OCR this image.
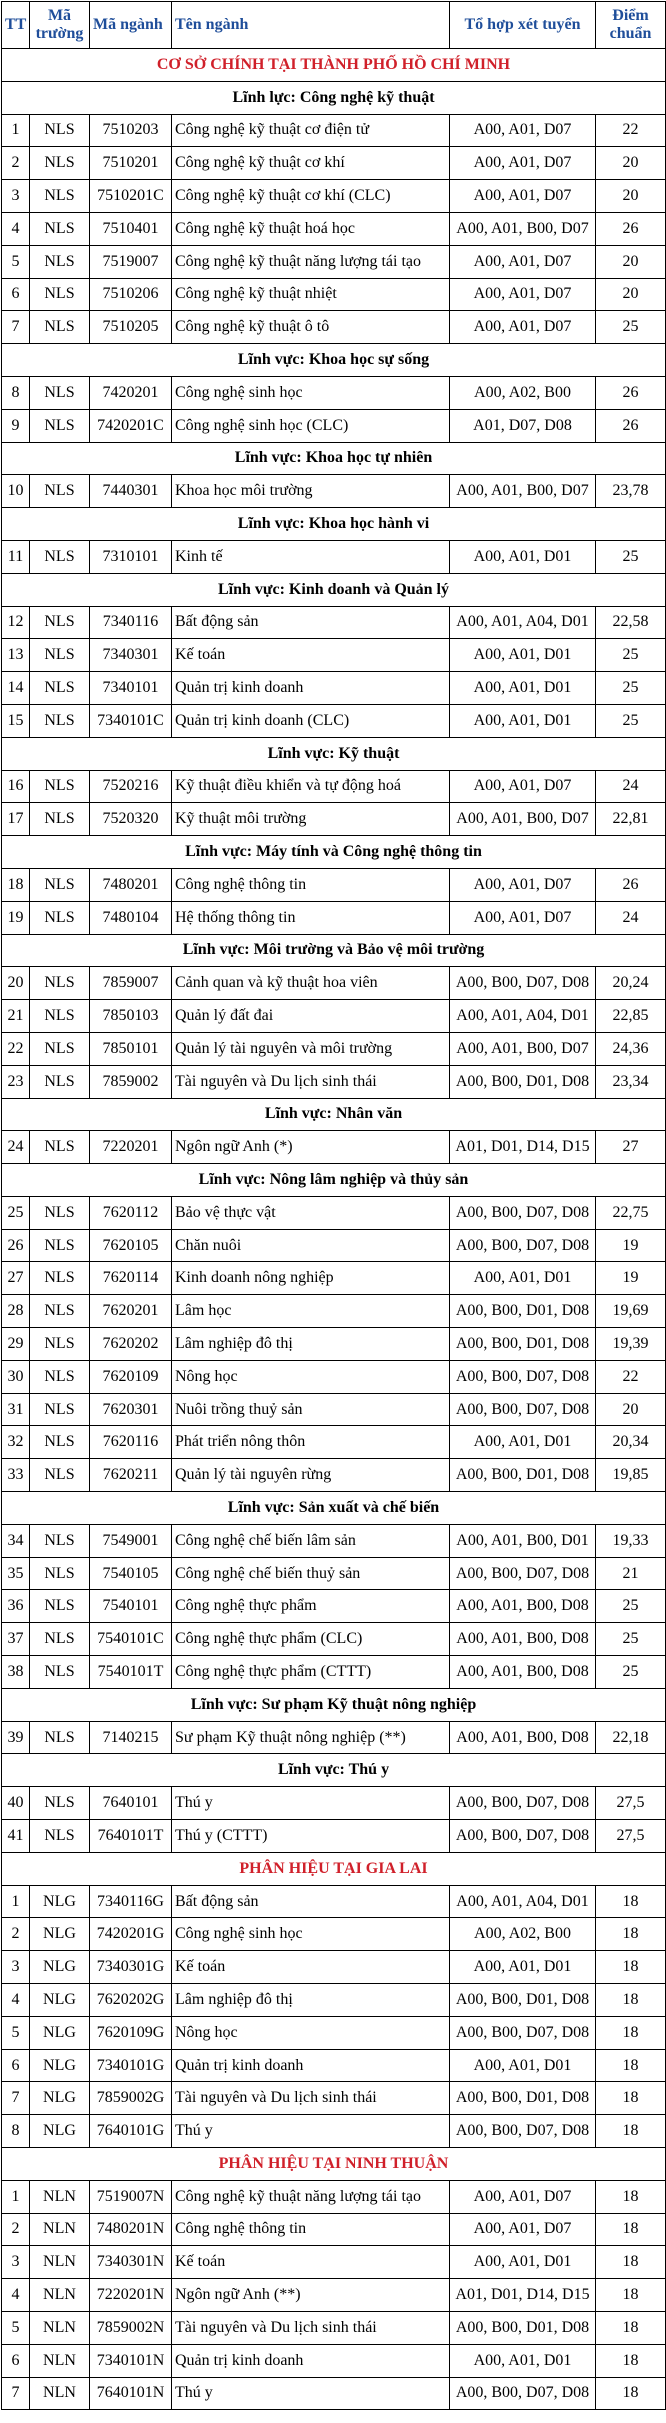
TT	Mã trường	Mã ngành	Tên ngành	Tổ hợp xét tuyển	Điểm chuẩn
CƠ SỞ CHÍNH TẠI THÀNH PHỐ HỒ CHÍ MINH					
Lĩnh lực: Công nghệ kỹ thuật					
1	NLS	7510203	Công nghệ kỹ thuật cơ điện tử	A00, A01, D07	22
2	NLS	7510201	Công nghệ kỹ thuật cơ khí	A00, A01, D07	20
3	NLS	7510201C	Công nghệ kỹ thuật cơ khí (CLC)	A00, A01, D07	20
4	NLS	7510401	Công nghệ kỹ thuật hoá học	A00, A01, B00, D07	26
5	NLS	7519007	Công nghệ kỹ thuật năng lượng tái tạo	A00, A01, D07	20
6	NLS	7510206	Công nghệ kỹ thuật nhiệt	A00, A01, D07	20
7	NLS	7510205	Công nghệ kỹ thuật ô tô	A00, A01, D07	25
Lĩnh vực: Khoa học sự sống					
8	NLS	7420201	Công nghệ sinh học	A00, A02, B00	26
9	NLS	7420201C	Công nghệ sinh học (CLC)	A01, D07, D08	26
Lĩnh vực: Khoa học tự nhiên					
10	NLS	7440301	Khoa học môi trường	A00, A01, B00, D07	23,78
Lĩnh vực: Khoa học hành vi					
11	NLS	7310101	Kinh tế	A00, A01, D01	25
Lĩnh vực: Kinh doanh và Quản lý					
12	NLS	7340116	Bất động sản	A00, A01, A04, D01	22,58
13	NLS	7340301	Kế toán	A00, A01, D01	25
14	NLS	7340101	Quản trị kinh doanh	A00, A01, D01	25
15	NLS	7340101C	Quản trị kinh doanh (CLC)	A00, A01, D01	25
Lĩnh vực: Kỹ thuật					
16	NLS	7520216	Kỹ thuật điều khiển và tự động hoá	A00, A01, D07	24
17	NLS	7520320	Kỹ thuật môi trường	A00, A01, B00, D07	22,81
Lĩnh vực: Máy tính và Công nghệ thông tin					
18	NLS	7480201	Công nghệ thông tin	A00, A01, D07	26
19	NLS	7480104	Hệ thống thông tin	A00, A01, D07	24
Lĩnh vực: Môi trường và Bảo vệ môi trường					
20	NLS	7859007	Cảnh quan và kỹ thuật hoa viên	A00, B00, D07, D08	20,24
21	NLS	7850103	Quản lý đất đai	A00, A01, A04, D01	22,85
22	NLS	7850101	Quản lý tài nguyên và môi trường	A00, A01, B00, D07	24,36
23	NLS	7859002	Tài nguyên và Du lịch sinh thái	A00, B00, D01, D08	23,34
Lĩnh vực: Nhân văn					
24	NLS	7220201	Ngôn ngữ Anh (*)	A01, D01, D14, D15	27
Lĩnh vực: Nông lâm nghiệp và thủy sản					
25	NLS	7620112	Bảo vệ thực vật	A00, B00, D07, D08	22,75
26	NLS	7620105	Chăn nuôi	A00, B00, D07, D08	19
27	NLS	7620114	Kinh doanh nông nghiệp	A00, A01, D01	19
28	NLS	7620201	Lâm học	A00, B00, D01, D08	19,69
29	NLS	7620202	Lâm nghiệp đô thị	A00, B00, D01, D08	19,39
30	NLS	7620109	Nông học	A00, B00, D07, D08	22
31	NLS	7620301	Nuôi trồng thuỷ sản	A00, B00, D07, D08	20
32	NLS	7620116	Phát triển nông thôn	A00, A01, D01	20,34
33	NLS	7620211	Quản lý tài nguyên rừng	A00, B00, D01, D08	19,85
Lĩnh vực: Sản xuất và chế biến					
34	NLS	7549001	Công nghệ chế biến lâm sản	A00, A01, B00, D01	19,33
35	NLS	7540105	Công nghệ chế biến thuỷ sản	A00, B00, D07, D08	21
36	NLS	7540101	Công nghệ thực phẩm	A00, A01, B00, D08	25
37	NLS	7540101C	Công nghệ thực phẩm (CLC)	A00, A01, B00, D08	25
38	NLS	7540101T	Công nghệ thực phẩm (CTTT)	A00, A01, B00, D08	25
Lĩnh vực: Sư phạm Kỹ thuật nông nghiệp					
39	NLS	7140215	Sư phạm Kỹ thuật nông nghiệp (**)	A00, A01, B00, D08	22,18
Lĩnh vực: Thú y					
40	NLS	7640101	Thú y	A00, B00, D07, D08	27,5
41	NLS	7640101T	Thú y (CTTT)	A00, B00, D07, D08	27,5
PHÂN HIỆU TẠI GIA LAI					
1	NLG	7340116G	Bất động sản	A00, A01, A04, D01	18
2	NLG	7420201G	Công nghệ sinh học	A00, A02, B00	18
3	NLG	7340301G	Kế toán	A00, A01, D01	18
4	NLG	7620202G	Lâm nghiệp đô thị	A00, B00, D01, D08	18
5	NLG	7620109G	Nông học	A00, B00, D07, D08	18
6	NLG	7340101G	Quản trị kinh doanh	A00, A01, D01	18
7	NLG	7859002G	Tài nguyên và Du lịch sinh thái	A00, B00, D01, D08	18
8	NLG	7640101G	Thú y	A00, B00, D07, D08	18
PHÂN HIỆU TẠI NINH THUẬN					
1	NLN	7519007N	Công nghệ kỹ thuật năng lượng tái tạo	A00, A01, D07	18
2	NLN	7480201N	Công nghệ thông tin	A00, A01, D07	18
3	NLN	7340301N	Kế toán	A00, A01, D01	18
4	NLN	7220201N	Ngôn ngữ Anh (**)	A01, D01, D14, D15	18
5	NLN	7859002N	Tài nguyên và Du lịch sinh thái	A00, B00, D01, D08	18
6	NLN	7340101N	Quản trị kinh doanh	A00, A01, D01	18
7	NLN	7640101N	Thú y	A00, B00, D07, D08	18
